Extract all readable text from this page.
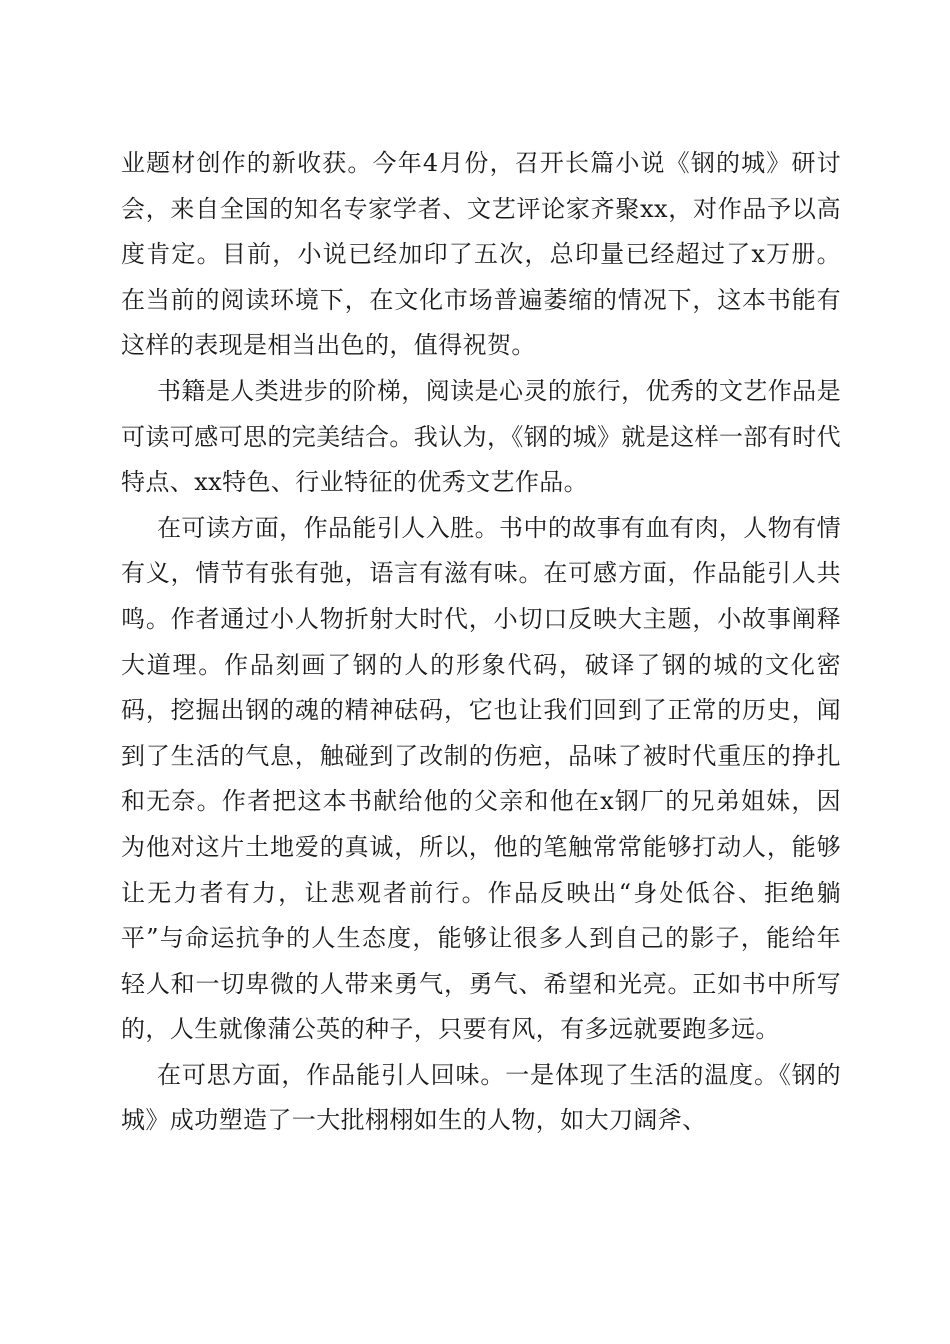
业题材创作的新收获。今年4月份，召开长篇小说《钢的城》研讨会，来自全国的知名专家学者、文艺评论家齐聚xx，对作品予以高度肯定。目前，小说已经加印了五次，总印量已经超过了x万册。在当前的阅读环境下，在文化市场普遍萎缩的情况下，这本书能有这样的表现是相当出色的，值得祝贺。

书籍是人类进步的阶梯，阅读是心灵的旅行，优秀的文艺作品是可读可感可思的完美结合。我认为，《钢的城》就是这样一部有时代特点、xx特色、行业特征的优秀文艺作品。

在可读方面，作品能引人入胜。书中的故事有血有肉，人物有情有义，情节有张有弛，语言有滋有味。在可感方面，作品能引人共鸣。作者通过小人物折射大时代，小切口反映大主题，小故事阐释大道理。作品刻画了钢的人的形象代码，破译了钢的城的文化密码，挖掘出钢的魂的精神砝码，它也让我们回到了正常的历史，闻到了生活的气息，触碰到了改制的伤疤，品味了被时代重压的挣扎和无奈。作者把这本书献给他的父亲和他在x钢厂的兄弟姐妹，因为他对这片土地爱的真诚，所以，他的笔触常常能够打动人，能够让无力者有力，让悲观者前行。作品反映出“身处低谷、拒绝躺平”与命运抗争的人生态度，能够让很多人到自己的影子，能给年轻人和一切卑微的人带来勇气，勇气、希望和光亮。正如书中所写的，人生就像蒲公英的种子，只要有风，有多远就要跑多远。

在可思方面，作品能引人回味。一是体现了生活的温度。《钢的城》成功塑造了一大批栩栩如生的人物，如大刀阔斧、
